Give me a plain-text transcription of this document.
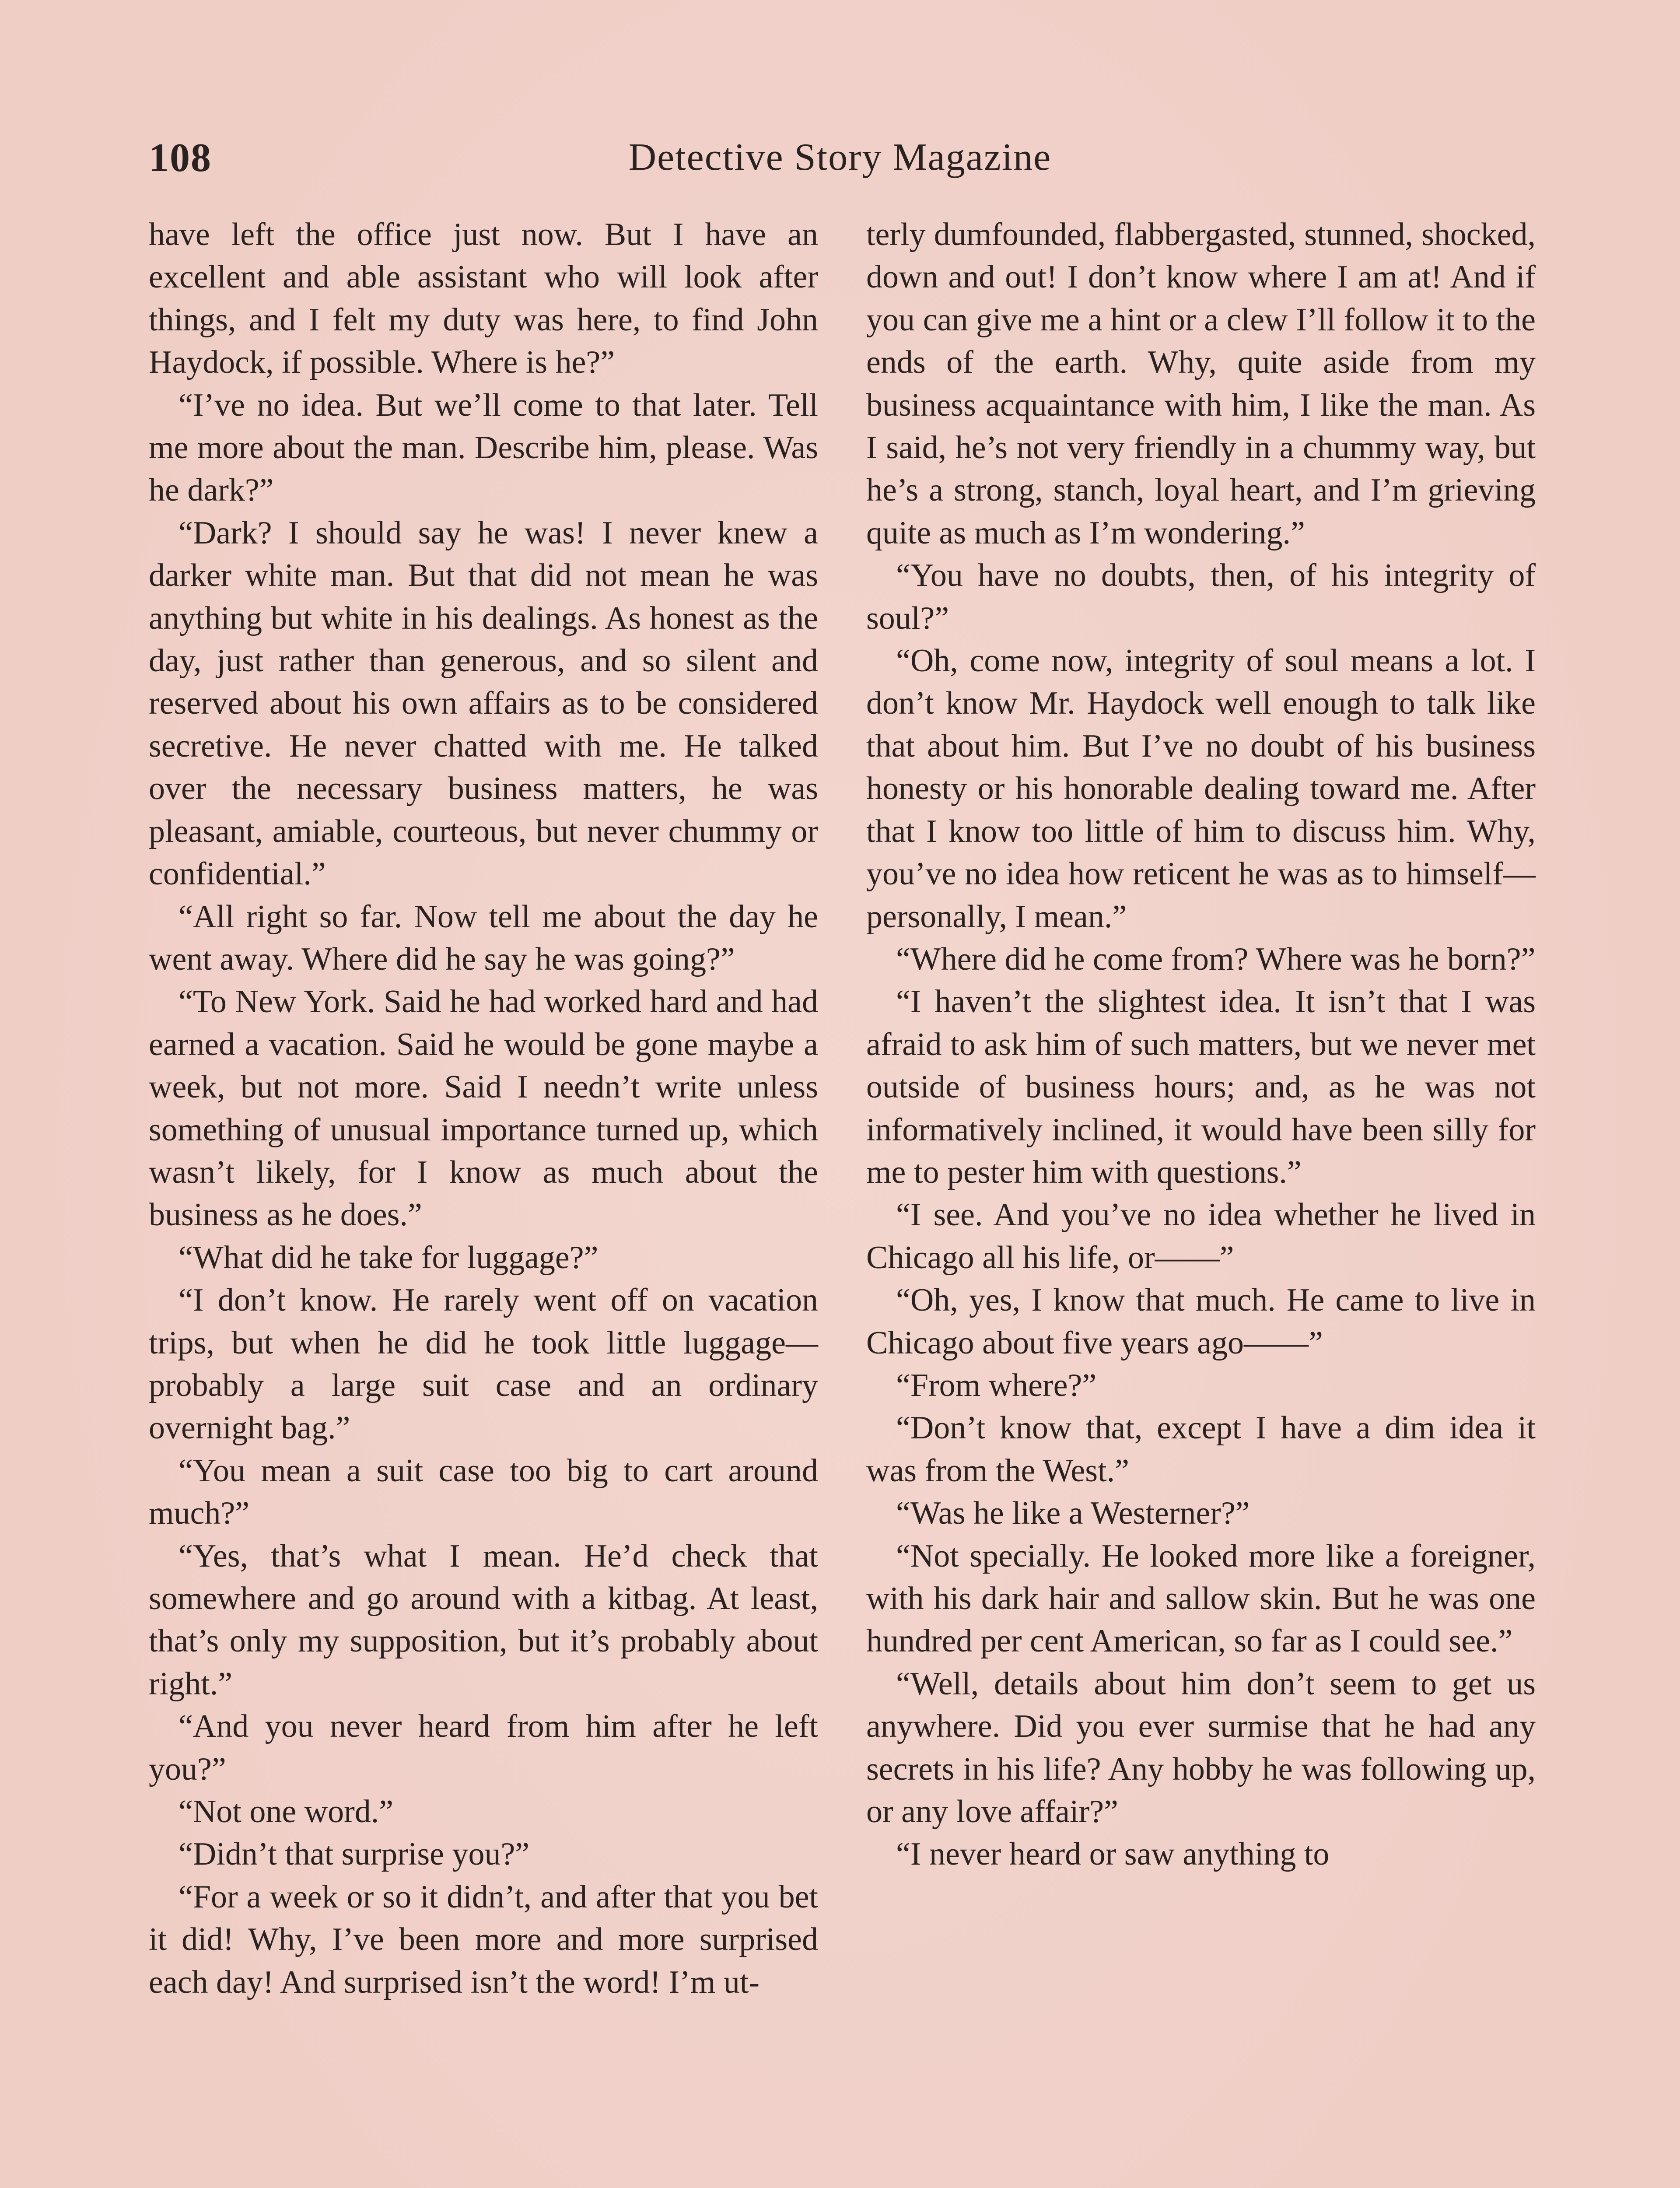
108	Detective Story Magazine

have left the office just now. But I have an excellent and able assistant who will look after things, and I felt my duty was here, to find John Haydock, if possible. Where is he?”

“I’ve no idea. But we’ll come to that later. Tell me more about the man. Describe him, please. Was he dark?”

“Dark? I should say he was! I never knew a darker white man. But that did not mean he was anything but white in his dealings. As honest as the day, just rather than generous, and so silent and reserved about his own affairs as to be considered secretive. He never chatted with me. He talked over the necessary business matters, he was pleasant, amiable, courteous, but never chummy or confidential.”

“All right so far. Now tell me about the day he went away. Where did he say he was going?”

“To New York. Said he had worked hard and had earned a vacation. Said he would be gone maybe a week, but not more. Said I needn’t write unless something of unusual importance turned up, which wasn’t likely, for I know as much about the business as he does.”

“What did he take for luggage?”

“I don’t know. He rarely went off on vacation trips, but when he did he took little luggage—probably a large suit case and an ordinary overnight bag.”

“You mean a suit case too big to cart around much?”

“Yes, that’s what I mean. He’d check that somewhere and go around with a kitbag. At least, that’s only my supposition, but it’s probably about right.”

“And you never heard from him after he left you?”

“Not one word.”

“Didn’t that surprise you?”

“For a week or so it didn’t, and after that you bet it did! Why, I’ve been more and more surprised each day! And surprised isn’t the word! I’m ut-

terly dumfounded, flabbergasted, stunned, shocked, down and out! I don’t know where I am at! And if you can give me a hint or a clew I’ll follow it to the ends of the earth. Why, quite aside from my business acquaintance with him, I like the man. As I said, he’s not very friendly in a chummy way, but he’s a strong, stanch, loyal heart, and I’m grieving quite as much as I’m wondering.”

“You have no doubts, then, of his integrity of soul?”

“Oh, come now, integrity of soul means a lot. I don’t know Mr. Haydock well enough to talk like that about him. But I’ve no doubt of his business honesty or his honorable dealing toward me. After that I know too little of him to discuss him. Why, you’ve no idea how reticent he was as to himself—personally, I mean.”

“Where did he come from? Where was he born?”

“I haven’t the slightest idea. It isn’t that I was afraid to ask him of such matters, but we never met outside of business hours; and, as he was not informatively inclined, it would have been silly for me to pester him with questions.”

“I see. And you’ve no idea whether he lived in Chicago all his life, or——”

“Oh, yes, I know that much. He came to live in Chicago about five years ago——”

“From where?”

“Don’t know that, except I have a dim idea it was from the West.”

“Was he like a Westerner?”

“Not specially. He looked more like a foreigner, with his dark hair and sallow skin. But he was one hundred per cent American, so far as I could see.”

“Well, details about him don’t seem to get us anywhere. Did you ever surmise that he had any secrets in his life? Any hobby he was following up, or any love affair?”

“I never heard or saw anything to
